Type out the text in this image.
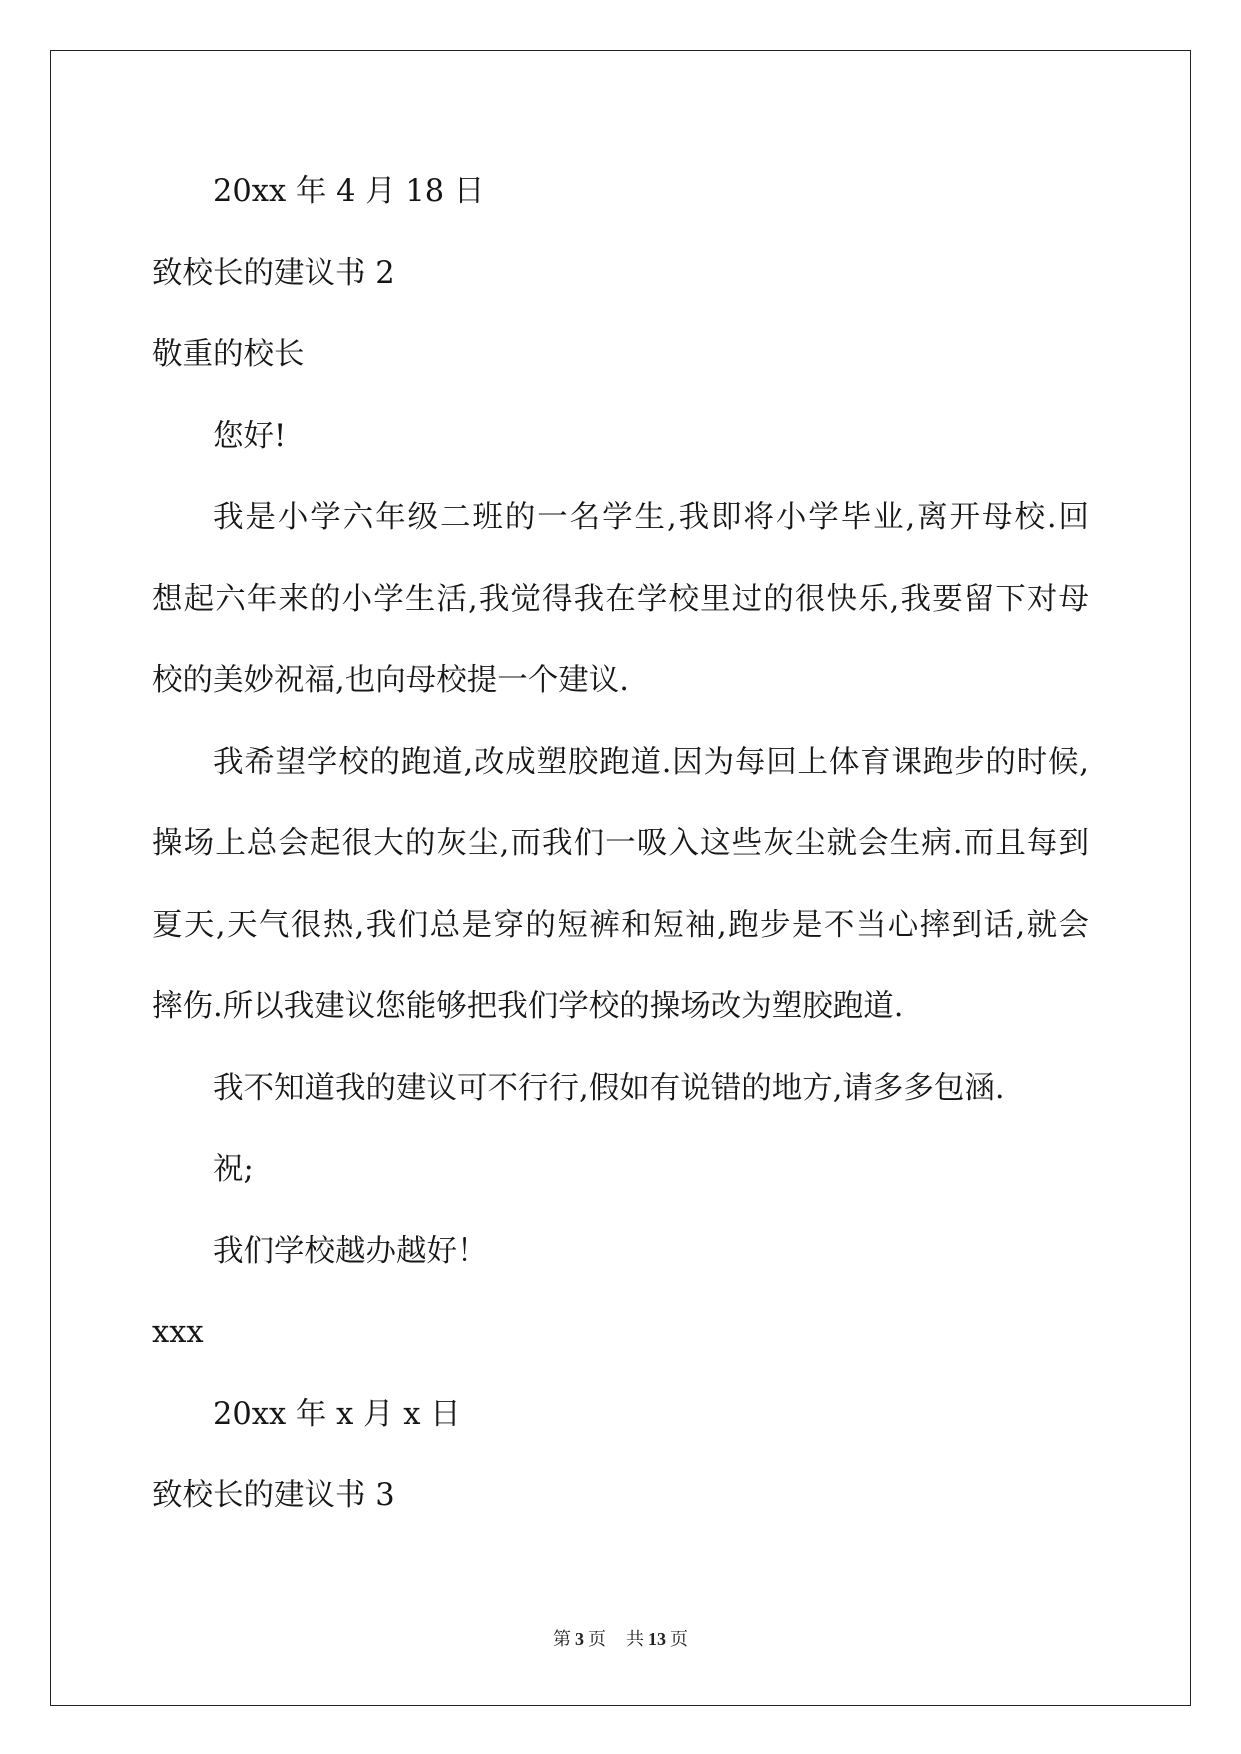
20xx 年 4 月 18 日
致校长的建议书 2
敬重的校长
您好!
我是小学六年级二班的一名学生,我即将小学毕业,离开母校.回
想起六年来的小学生活,我觉得我在学校里过的很快乐,我要留下对母
校的美妙祝福,也向母校提一个建议.
我希望学校的跑道,改成塑胶跑道.因为每回上体育课跑步的时候,
操场上总会起很大的灰尘,而我们一吸入这些灰尘就会生病.而且每到
夏天,天气很热,我们总是穿的短裤和短袖,跑步是不当心摔到话,就会
摔伤.所以我建议您能够把我们学校的操场改为塑胶跑道.
我不知道我的建议可不行行,假如有说错的地方,请多多包涵.
祝;
我们学校越办越好！
xxx
20xx 年 x 月 x 日
致校长的建议书 3
第 3 页 共 13 页
